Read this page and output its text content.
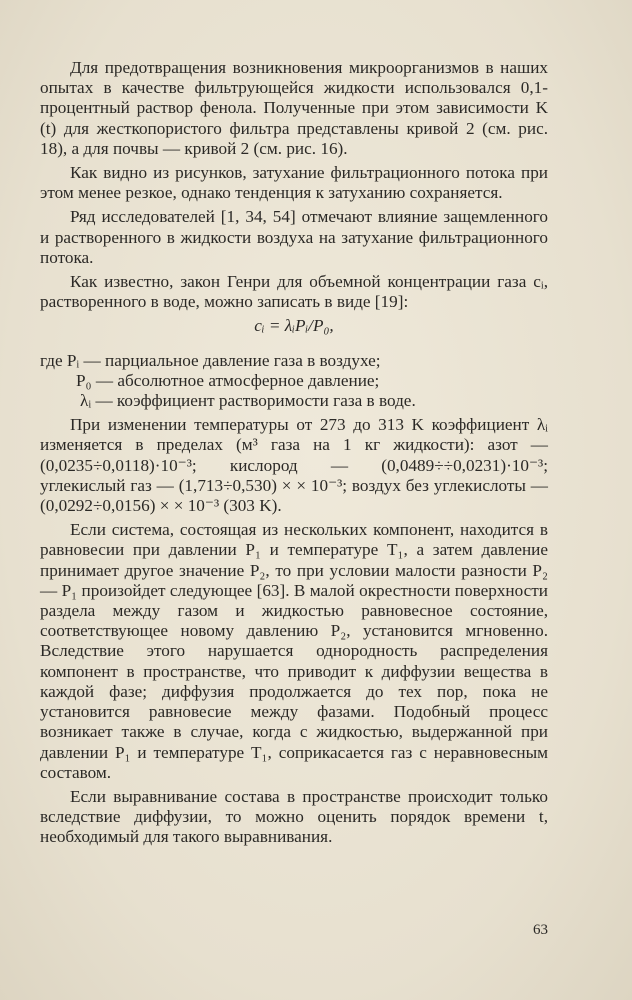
Для предотвращения возникновения микроорганизмов в наших опытах в качестве фильтрующейся жидкости использовался 0,1-процентный раствор фенола. Полученные при этом зависимости K (t) для жесткопористого фильтра представлены кривой 2 (см. рис. 18), а для почвы — кривой 2 (см. рис. 16).

Как видно из рисунков, затухание фильтрационного потока при этом менее резкое, однако тенденция к затуханию сохраняется.

Ряд исследователей [1, 34, 54] отмечают влияние защемленного и растворенного в жидкости воздуха на затухание фильтрационного потока.

Как известно, закон Генри для объемной концентрации газа cᵢ, растворенного в воде, можно записать в виде [19]:

cᵢ = λᵢPᵢ/P₀,

где Pᵢ — парциальное давление газа в воздухе;
P₀ — абсолютное атмосферное давление;
λᵢ — коэффициент растворимости газа в воде.

При изменении температуры от 273 до 313 K коэффициент λᵢ изменяется в пределах (м³ газа на 1 кг жидкости): азот — (0,0235÷0,0118)·10⁻³; кислород — (0,0489÷÷0,0231)·10⁻³; углекислый газ — (1,713÷0,530) × × 10⁻³; воздух без углекислоты — (0,0292÷0,0156) × × 10⁻³ (303 K).

Если система, состоящая из нескольких компонент, находится в равновесии при давлении P₁ и температуре T₁, а затем давление принимает другое значение P₂, то при условии малости разности P₂ — P₁ произойдет следующее [63]. В малой окрестности поверхности раздела между газом и жидкостью равновесное состояние, соответствующее новому давлению P₂, установится мгновенно. Вследствие этого нарушается однородность распределения компонент в пространстве, что приводит к диффузии вещества в каждой фазе; диффузия продолжается до тех пор, пока не установится равновесие между фазами. Подобный процесс возникает также в случае, когда с жидкостью, выдержанной при давлении P₁ и температуре T₁, соприкасается газ с неравновесным составом.

Если выравнивание состава в пространстве происходит только вследствие диффузии, то можно оценить порядок времени t, необходимый для такого выравнивания.

63
